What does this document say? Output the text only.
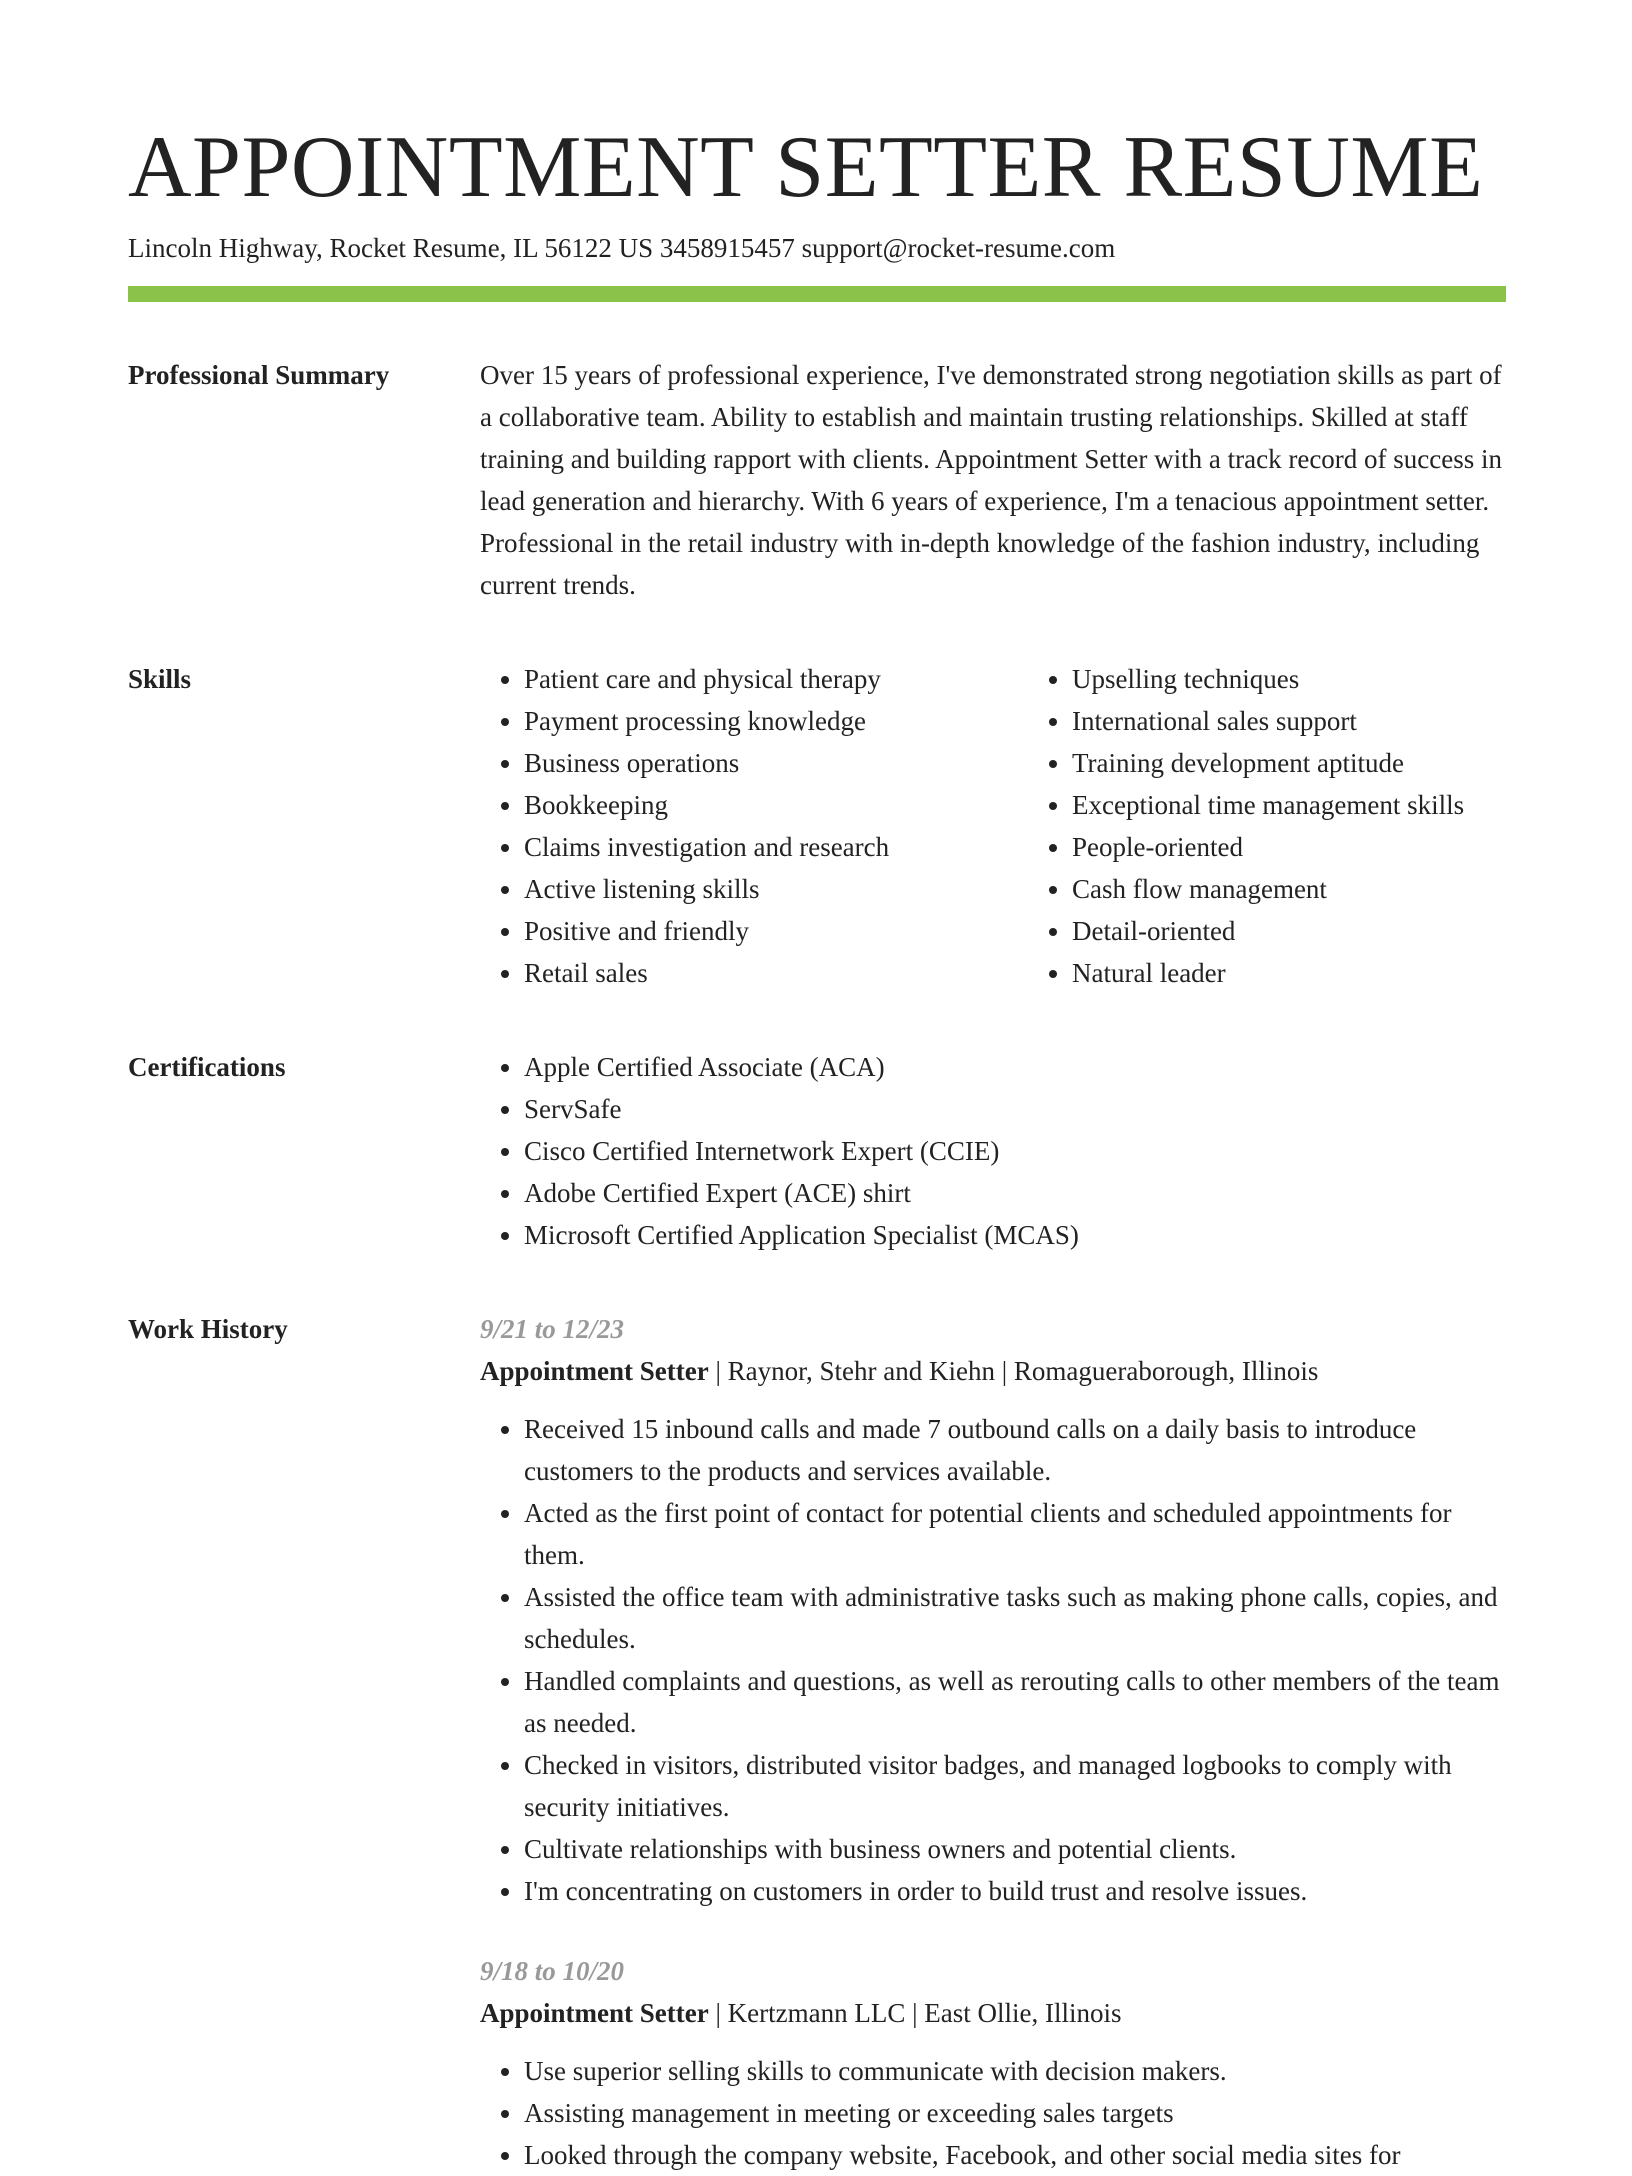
APPOINTMENT SETTER RESUME
Lincoln Highway, Rocket Resume, IL 56122 US 3458915457 support@rocket-resume.com
Professional Summary	Over 15 years of professional experience, I've demonstrated strong negotiation skills as part of a collaborative team. Ability to establish and maintain trusting relationships. Skilled at staff training and building rapport with clients. Appointment Setter with a track record of success in lead generation and hierarchy. With 6 years of experience, I'm a tenacious appointment setter. Professional in the retail industry with in-depth knowledge of the fashion industry, including current trends.

Skills	• Patient care and physical therapy
• Payment processing knowledge
• Business operations
• Bookkeeping
• Claims investigation and research
• Active listening skills
• Positive and friendly
• Retail sales
• Upselling techniques
• International sales support
• Training development aptitude
• Exceptional time management skills
• People-oriented
• Cash flow management
• Detail-oriented
• Natural leader
Certifications	• Apple Certified Associate (ACA)
• ServSafe
• Cisco Certified Internetwork Expert (CCIE)
• Adobe Certified Expert (ACE) shirt
• Microsoft Certified Application Specialist (MCAS)
Work History	9/21 to 12/23
Appointment Setter | Raynor, Stehr and Kiehn | Romagueraborough, Illinois
• Received 15 inbound calls and made 7 outbound calls on a daily basis to introduce customers to the products and services available.
• Acted as the first point of contact for potential clients and scheduled appointments for them.
• Assisted the office team with administrative tasks such as making phone calls, copies, and schedules.
• Handled complaints and questions, as well as rerouting calls to other members of the team as needed.
• Checked in visitors, distributed visitor badges, and managed logbooks to comply with security initiatives.
• Cultivate relationships with business owners and potential clients.
• I'm concentrating on customers in order to build trust and resolve issues.
9/18 to 10/20
Appointment Setter | Kertzmann LLC | East Ollie, Illinois
• Use superior selling skills to communicate with decision makers.
• Assisting management in meeting or exceeding sales targets
• Looked through the company website, Facebook, and other social media sites for
